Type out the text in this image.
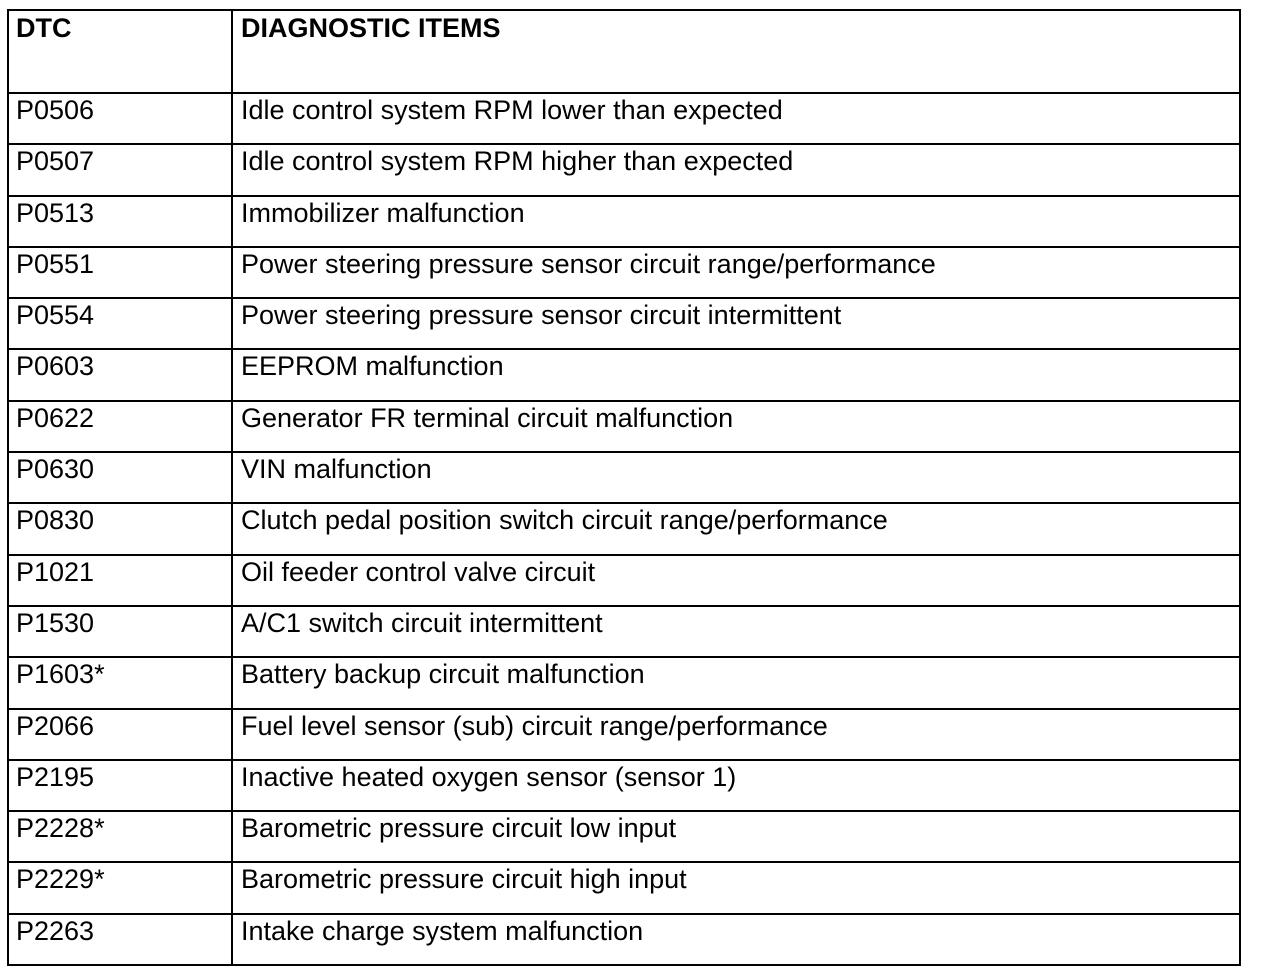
DTC	DIAGNOSTIC ITEMS
P0506	Idle control system RPM lower than expected
P0507	Idle control system RPM higher than expected
P0513	Immobilizer malfunction
P0551	Power steering pressure sensor circuit range/performance
P0554	Power steering pressure sensor circuit intermittent
P0603	EEPROM malfunction
P0622	Generator FR terminal circuit malfunction
P0630	VIN malfunction
P0830	Clutch pedal position switch circuit range/performance
P1021	Oil feeder control valve circuit
P1530	A/C1 switch circuit intermittent
P1603*	Battery backup circuit malfunction
P2066	Fuel level sensor (sub) circuit range/performance
P2195	Inactive heated oxygen sensor (sensor 1)
P2228*	Barometric pressure circuit low input
P2229*	Barometric pressure circuit high input
P2263	Intake charge system malfunction
